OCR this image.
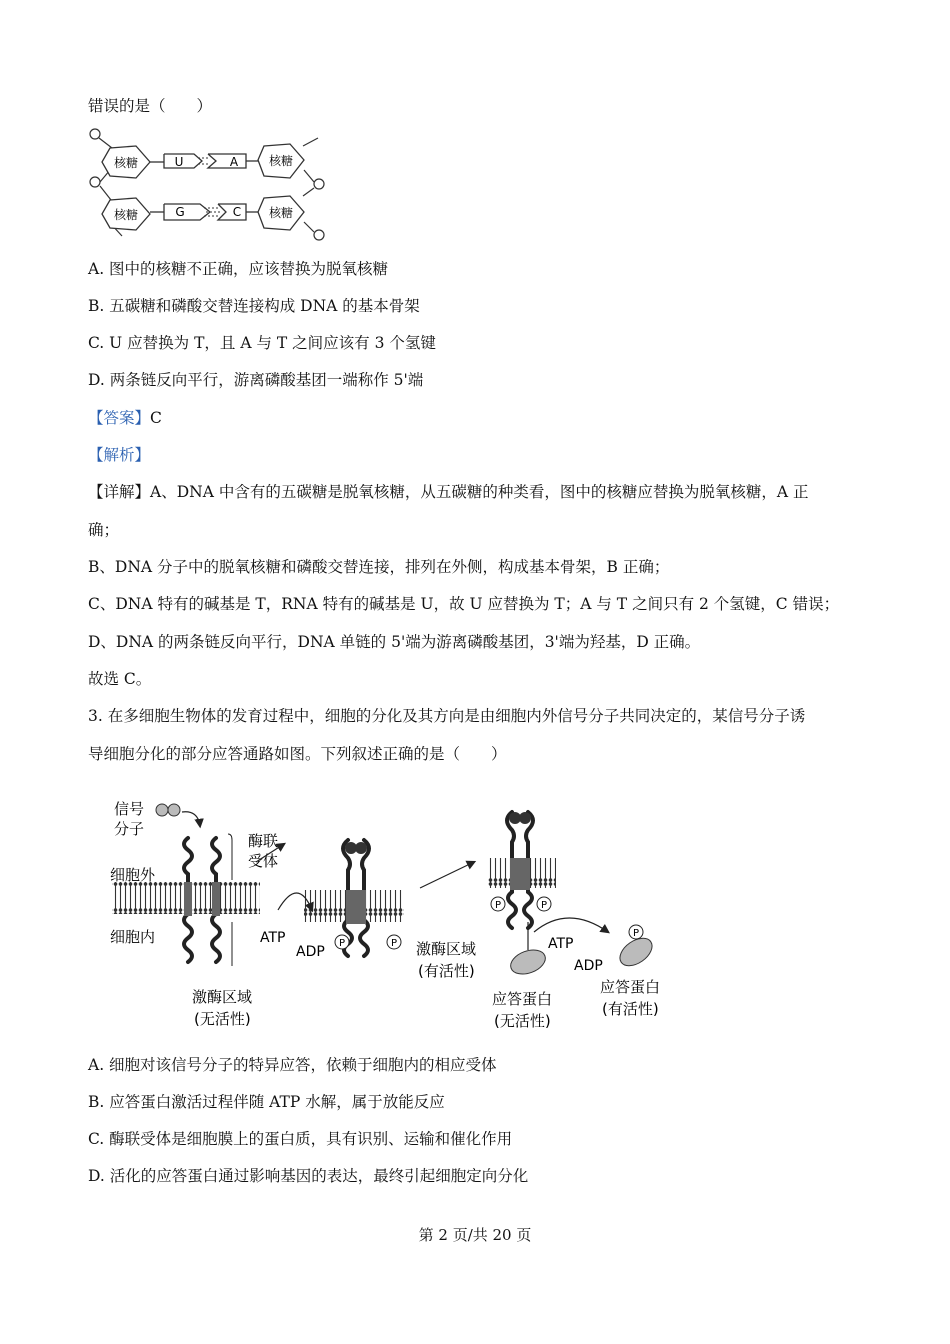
错误的是（　　）
核糖
核糖
核糖
核糖
U	A
G	C
A. 图中的核糖不正确，应该替换为脱氧核糖
B. 五碳糖和磷酸交替连接构成 DNA 的基本骨架
C. U 应替换为 T，且 A 与 T 之间应该有 3 个氢键
D. 两条链反向平行，游离磷酸基团一端称作 5'端
【答案】C
【解析】
【详解】A、DNA 中含有的五碳糖是脱氧核糖，从五碳糖的种类看，图中的核糖应替换为脱氧核糖，A 正
确；
B、DNA 分子中的脱氧核糖和磷酸交替连接，排列在外侧，构成基本骨架，B 正确；
C、DNA 特有的碱基是 T，RNA 特有的碱基是 U，故 U 应替换为 T；A 与 T 之间只有 2 个氢键，C 错误；
D、DNA 的两条链反向平行，DNA 单链的 5'端为游离磷酸基团，3'端为羟基，D 正确。
故选 C。
3. 在多细胞生物体的发育过程中，细胞的分化及其方向是由细胞内外信号分子共同决定的，某信号分子诱
导细胞分化的部分应答通路如图。下列叙述正确的是（　　）
信号
分子
酶联
受体
细胞外
细胞内
激酶区域
(无活性)
ATP
ADP
P	P 激酶区域
(有活性)
P	P
ATP
ADP
P
应答蛋白
(无活性)
应答蛋白
(有活性)
A. 细胞对该信号分子的特异应答，依赖于细胞内的相应受体
B. 应答蛋白激活过程伴随 ATP 水解，属于放能反应
C. 酶联受体是细胞膜上的蛋白质，具有识别、运输和催化作用
D. 活化的应答蛋白通过影响基因的表达，最终引起细胞定向分化
第 2 页/共 20 页
